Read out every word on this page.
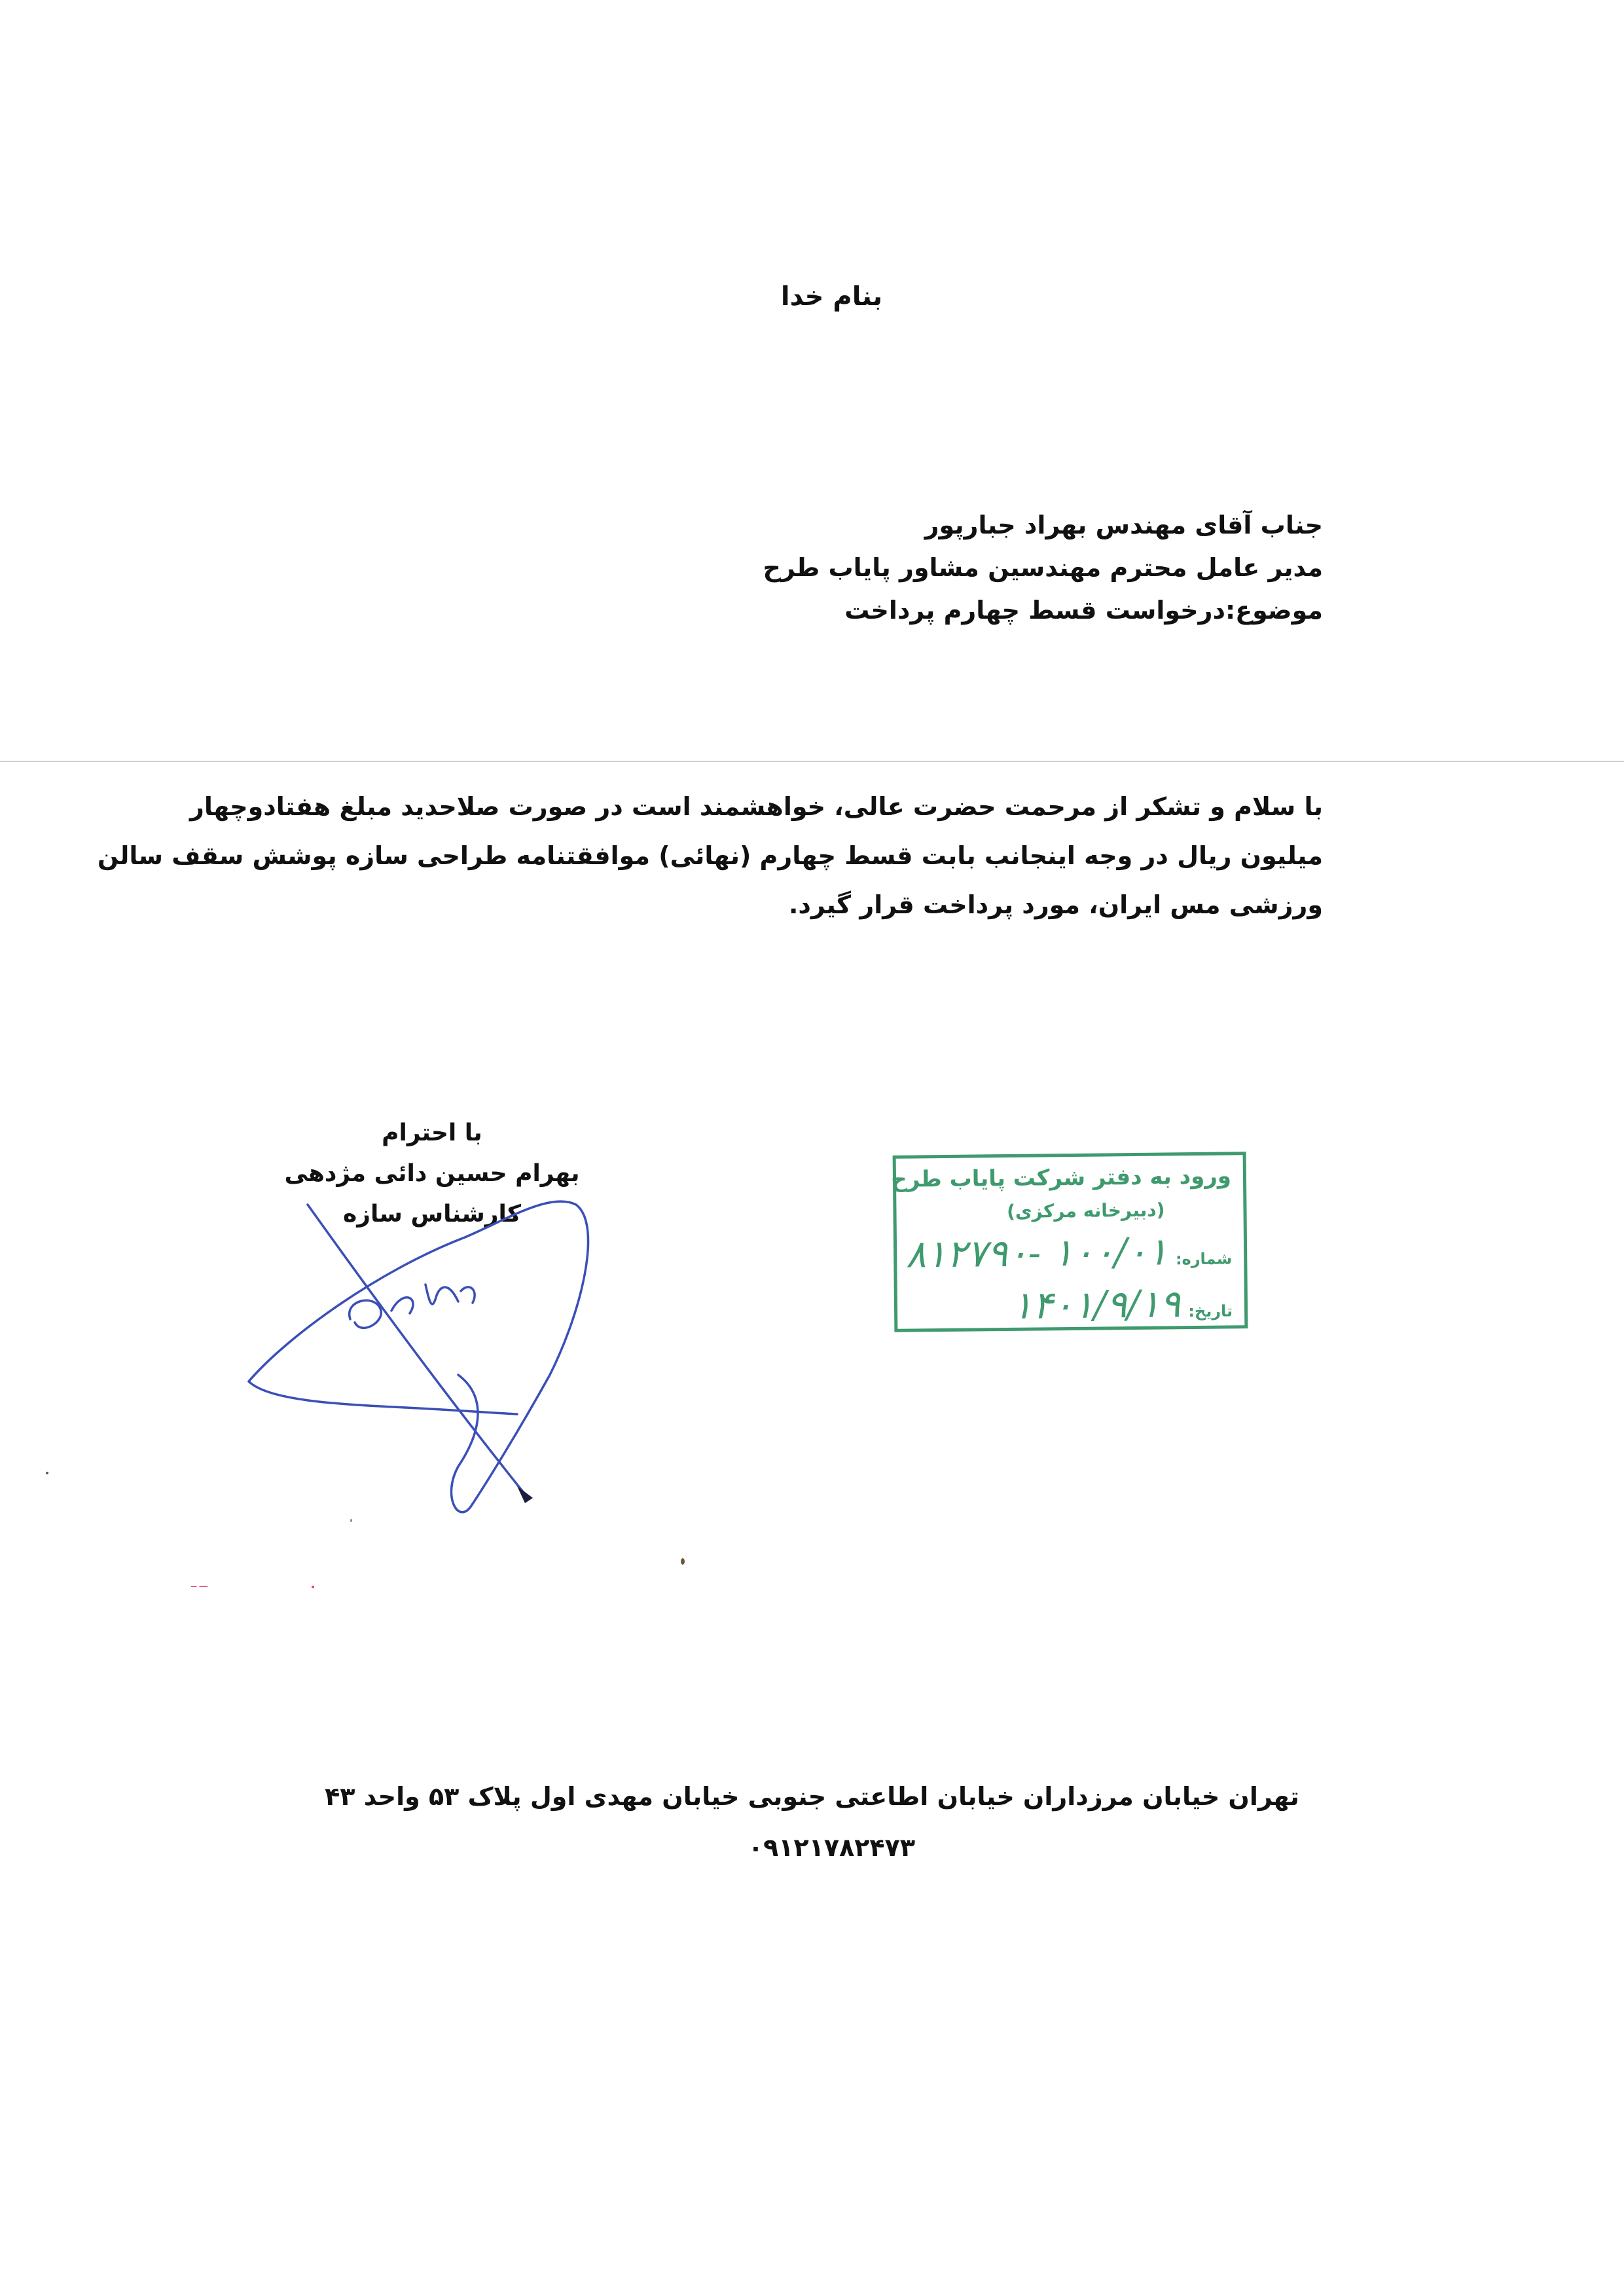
بنام خدا
جناب آقای مهندس بهراد جبارپور
مدیر عامل محترم مهندسین مشاور پایاب طرح
موضوع:درخواست قسط چهارم پرداخت

با سلام و تشکر از مرحمت حضرت عالی، خواهشمند است در صورت صلاحدید مبلغ هفتادوچهار

میلیون ریال در وجه اینجانب بابت قسط چهارم (نهائی) موافقتنامه طراحی سازه پوشش سقف سالن

ورزشی مس ایران، مورد پرداخت قرار گیرد.

با احترام
بهرام حسین دائی مژدهی
کارشناس سازه
ورود به دفتر شرکت پایاب طرح
(دبیرخانه مرکزی)
شماره:۱۰۰/۰۱ -۸۱۲۷۹۰
تاریخ:۱۴۰۱/۹/۱۹

تهران خیابان مرزداران خیابان اطاعتی جنوبی خیابان مهدی اول پلاک ۵۳ واحد ۴۳

۰۹۱۲۱۷۸۲۴۷۳

ـــ ــ
